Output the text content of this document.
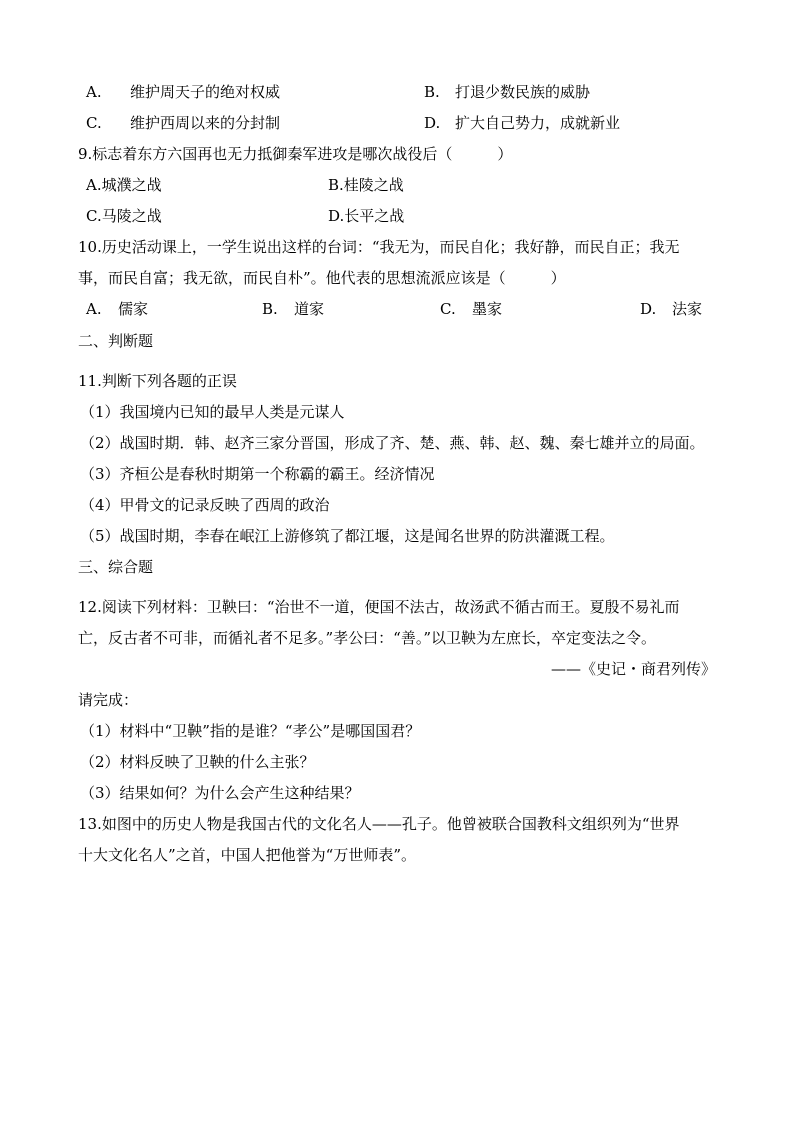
A. 维护周天子的绝对权威	B. 打退少数民族的威胁
C. 维护西周以来的分封制	D. 扩大自己势力，成就新业
9.标志着东方六国再也无力抵御秦军进攻是哪次战役后（　　　）
A.城濮之战	B.桂陵之战
C.马陵之战	D.长平之战
10.历史活动课上，一学生说出这样的台词：“我无为，而民自化；我好静，而民自正；我无
事，而民自富；我无欲，而民自朴”。他代表的思想流派应该是（　　　）
A. 儒家	B. 道家	C. 墨家	D. 法家
二、判断题
11.判断下列各题的正误
（1）我国境内已知的最早人类是元谋人
（2）战国时期．韩、赵齐三家分晋国，形成了齐、楚、燕、韩、赵、魏、秦七雄并立的局面。
（3）齐桓公是春秋时期第一个称霸的霸王。经济情况
（4）甲骨文的记录反映了西周的政治
（5）战国时期，李春在岷江上游修筑了都江堰，这是闻名世界的防洪灌溉工程。
三、综合题
12.阅读下列材料：卫鞅曰：“治世不一道，便国不法古，故汤武不循古而王。夏殷不易礼而
亡，反古者不可非，而循礼者不足多。”孝公曰：“善。”以卫鞅为左庶长，卒定变法之令。
——《史记・商君列传》
请完成：
（1）材料中“卫鞅”指的是谁？“孝公”是哪国国君？
（2）材料反映了卫鞅的什么主张？
（3）结果如何？为什么会产生这种结果？
13.如图中的历史人物是我国古代的文化名人——孔子。他曾被联合国教科文组织列为“世界
十大文化名人”之首，中国人把他誉为“万世师表”。
